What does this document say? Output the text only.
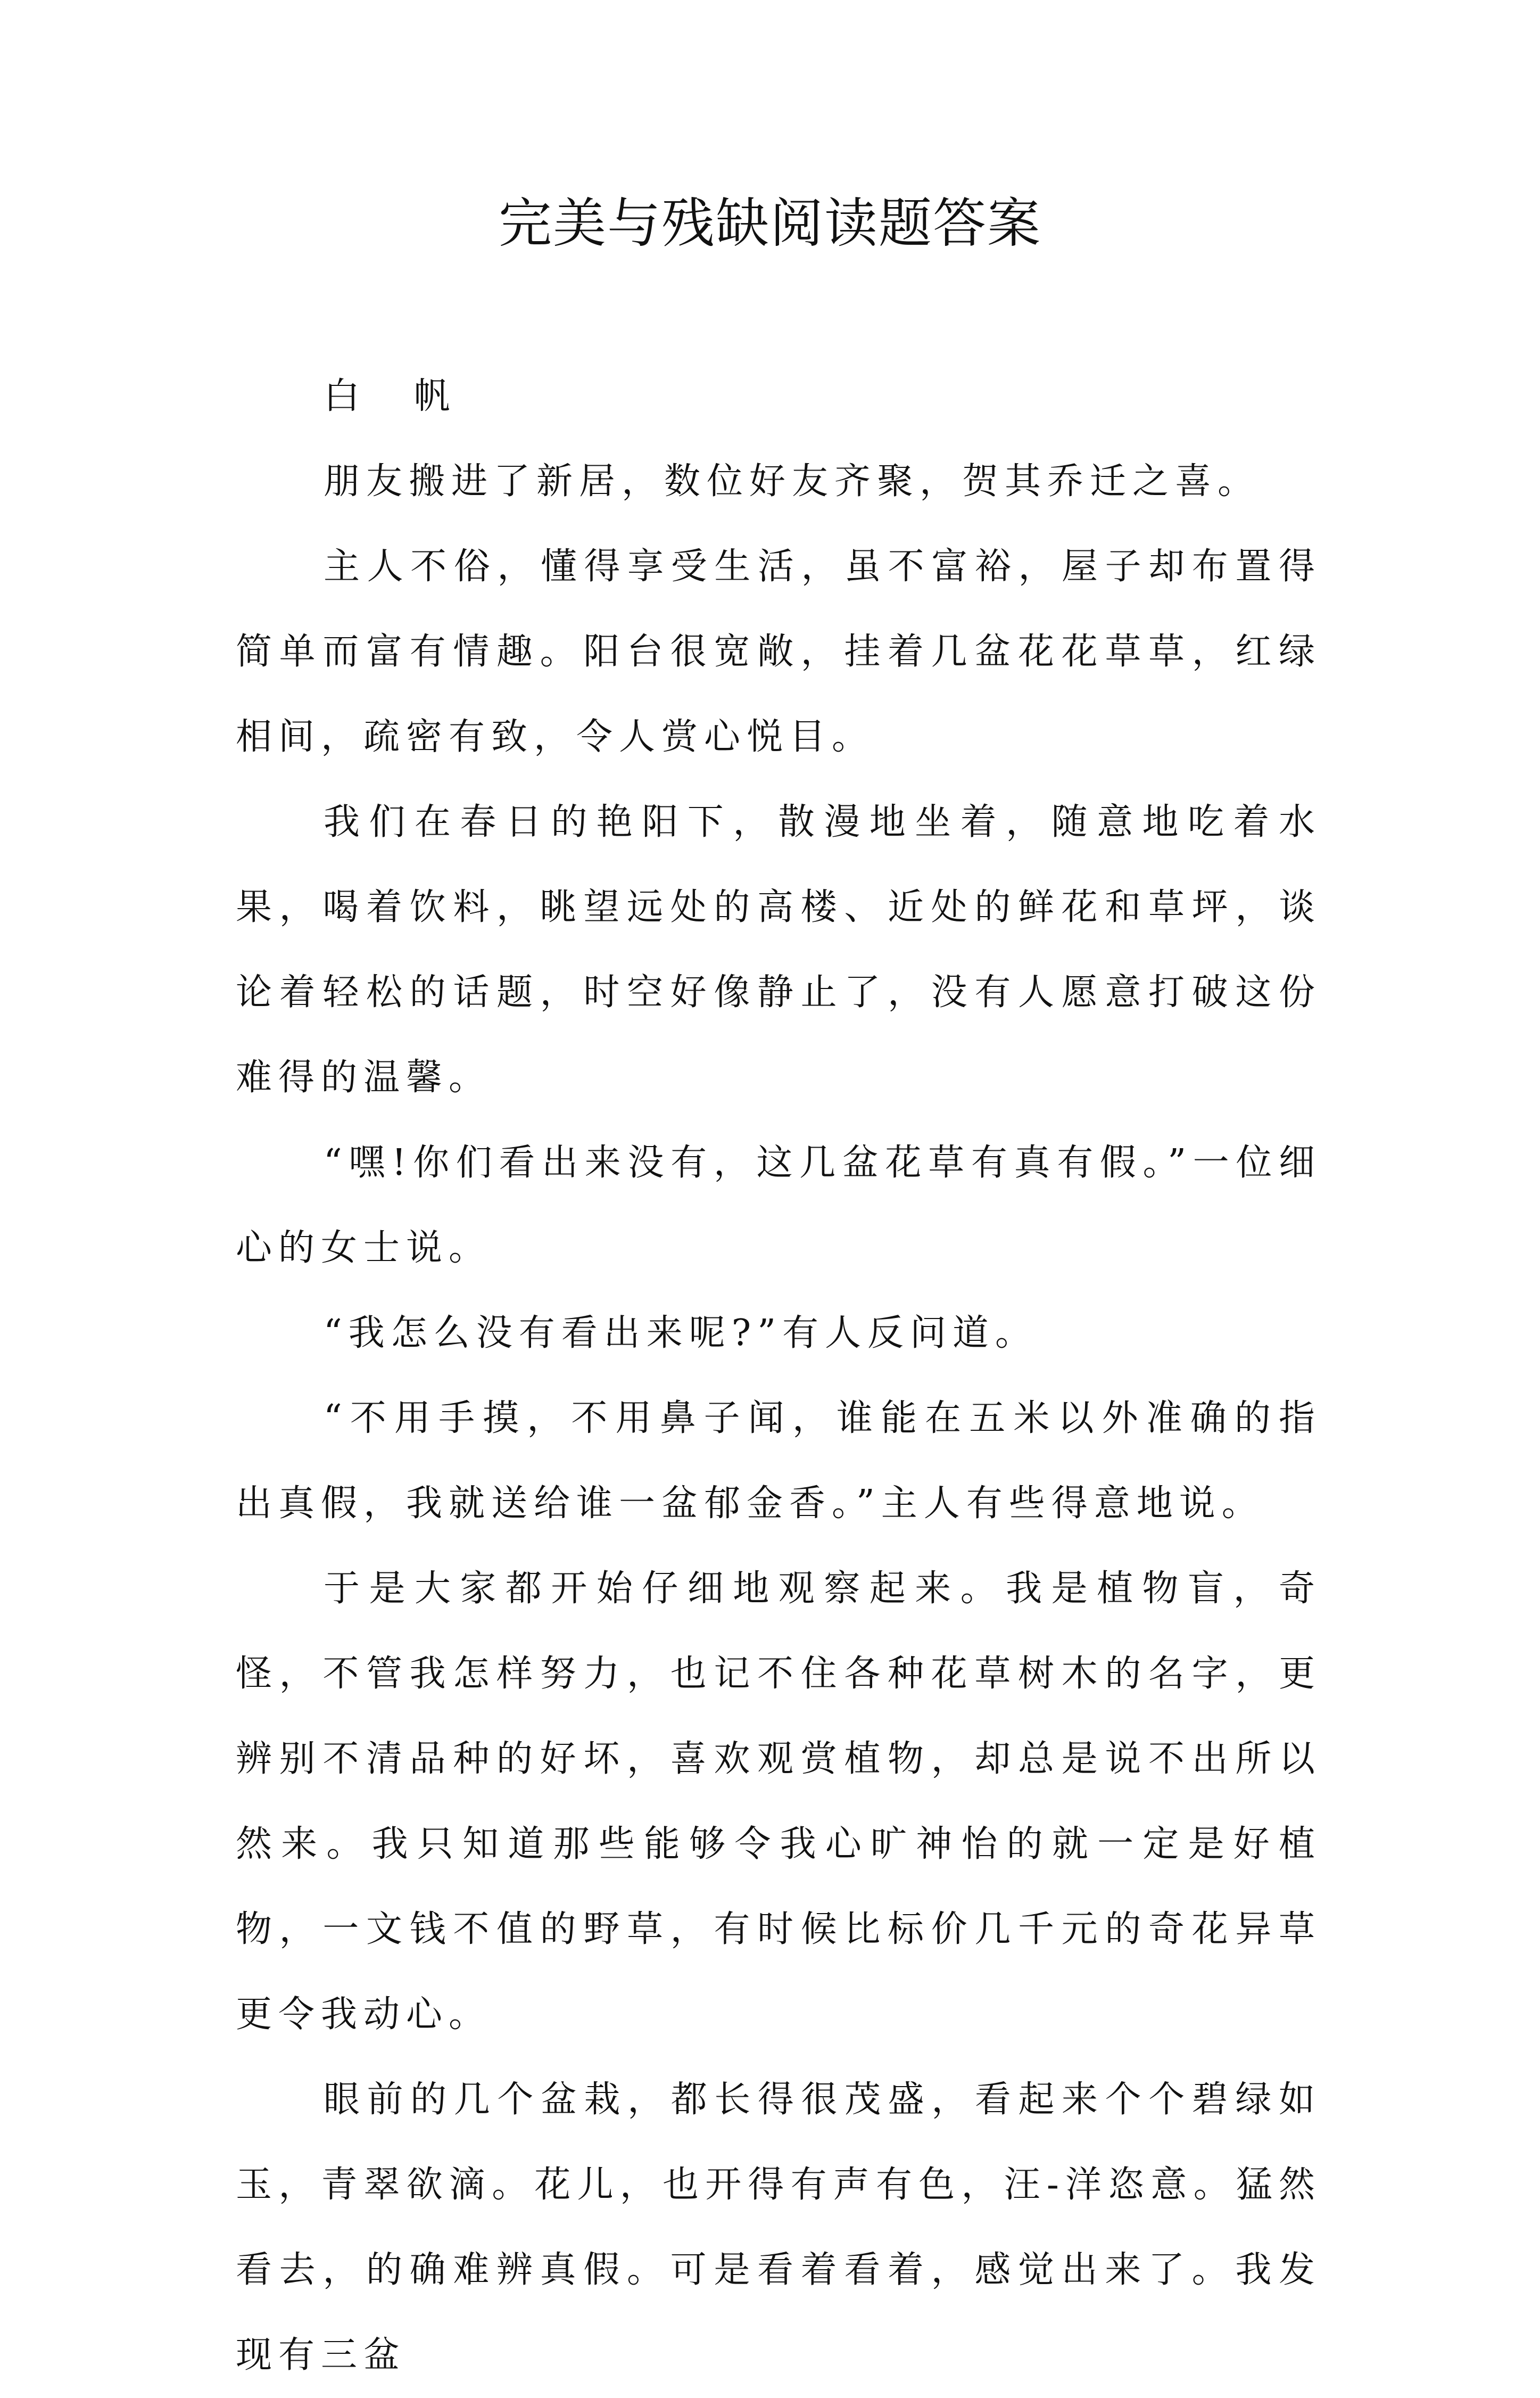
完美与残缺阅读题答案

白 帆

朋友搬进了新居，数位好友齐聚，贺其乔迁之喜。

主人不俗，懂得享受生活，虽不富裕，屋子却布置得简单而富有情趣。阳台很宽敞，挂着几盆花花草草，红绿相间，疏密有致，令人赏心悦目。

我们在春日的艳阳下，散漫地坐着，随意地吃着水果，喝着饮料，眺望远处的高楼、近处的鲜花和草坪，谈论着轻松的话题，时空好像静止了，没有人愿意打破这份难得的温馨。

“嘿!你们看出来没有，这几盆花草有真有假。”一位细心的女士说。

“我怎么没有看出来呢?”有人反问道。

“不用手摸，不用鼻子闻，谁能在五米以外准确的指出真假，我就送给谁一盆郁金香。”主人有些得意地说。

于是大家都开始仔细地观察起来。我是植物盲，奇怪，不管我怎样努力，也记不住各种花草树木的名字，更辨别不清品种的好坏，喜欢观赏植物，却总是说不出所以然来。我只知道那些能够令我心旷神怡的就一定是好植物，一文钱不值的野草，有时候比标价几千元的奇花异草更令我动心。

眼前的几个盆栽，都长得很茂盛，看起来个个碧绿如玉，青翠欲滴。花儿，也开得有声有色，汪-洋恣意。猛然看去，的确难辨真假。可是看着看着，感觉出来了。我发现有三盆
